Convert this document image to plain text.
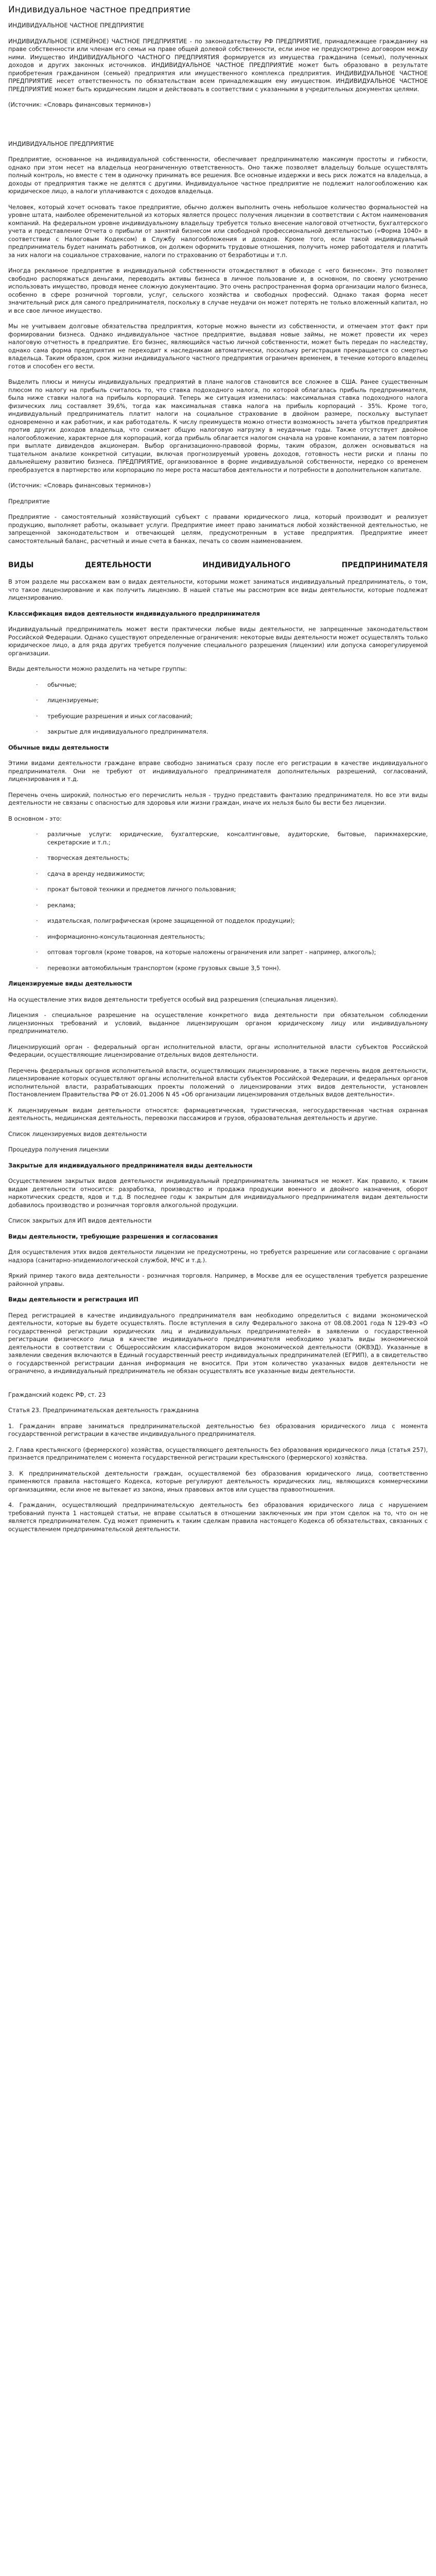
Индивидуальное частное предприятие

ИНДИВИДУАЛЬНОЕ ЧАСТНОЕ ПРЕДПРИЯТИЕ

ИНДИВИДУАЛЬНОЕ (СЕМЕЙНОЕ) ЧАСТНОЕ ПРЕДПРИЯТИЕ - по законодательству РФ ПРЕДПРИЯТИЕ, принадлежащее гражданину на праве собственности или членам его семьи на праве общей долевой собственности, если иное не предусмотрено договором между ними. Имущество ИНДИВИДУАЛЬНОГО ЧАСТНОГО ПРЕДПРИЯТИЯ формируется из имущества гражданина (семьи), полученных доходов и других законных источников. ИНДИВИДУАЛЬНОЕ ЧАСТНОЕ ПРЕДПРИЯТИЕ может быть образовано в результате приобретения гражданином (семьей) предприятия или имущественного комплекса предприятия. ИНДИВИДУАЛЬНОЕ ЧАСТНОЕ ПРЕДПРИЯТИЕ несет ответственность по обязательствам всем принадлежащим ему имуществом. ИНДИВИДУАЛЬНОЕ ЧАСТНОЕ ПРЕДПРИЯТИЕ может быть юридическим лицом и действовать в соответствии с указанными в учредительных документах целями.

(Источник: «Словарь финансовых терминов»)

ИНДИВИДУАЛЬНОЕ ПРЕДПРИЯТИЕ

Предприятие, основанное на индивидуальной собственности, обеспечивает предпринимателю максимум простоты и гибкости, однако при этом несет на владельца неограниченную ответственность. Оно также позволяет владельцу больше осуществлять полный контроль, но вместе с тем в одиночку принимать все решения. Все основные издержки и весь риск ложатся на владельца, а доходы от предприятия также не делятся с другими. Индивидуальное частное предприятие не подлежит налогообложению как юридическое лицо, а налоги уплачиваются с доходов владельца.

Человек, который хочет основать такое предприятие, обычно должен выполнить очень небольшое количество формальностей на уровне штата, наиболее обременительной из которых является процесс получения лицензии в соответствии с Актом наименования компаний. На федеральном уровне индивидуальному владельцу требуется только внесение налоговой отчетности, бухгалтерского учета и представление Отчета о прибыли от занятий бизнесом или свободной профессиональной деятельностью («Форма 1040» в соответствии с Налоговым Кодексом) в Службу налогообложения и доходов. Кроме того, если такой индивидуальный предприниматель будет нанимать работников, он должен оформить трудовые отношения, получить номер работодателя и платить за них налоги на социальное страхование, налоги по страхованию от безработицы и т.п.

Иногда рекламное предприятие в индивидуальной собственности отождествляют в обиходе с «его бизнесом». Это позволяет свободно распоряжаться деньгами, переводить активы бизнеса в личное пользование и, в основном, по своему усмотрению использовать имущество, проводя менее сложную документацию. Это очень распространенная форма организации малого бизнеса, особенно в сфере розничной торговли, услуг, сельского хозяйства и свободных профессий. Однако такая форма несет значительный риск для самого предпринимателя, поскольку в случае неудачи он может потерять не только вложенный капитал, но и все свое личное имущество.

Мы не учитываем долговые обязательства предприятия, которые можно вынести из собственности, и отмечаем этот факт при формировании бизнеса. Однако индивидуальное частное предприятие, выдавая новые займы, не может провести их через налоговую отчетность в предприятие. Его бизнес, являющийся частью личной собственности, может быть передан по наследству, однако сама форма предприятия не переходит к наследникам автоматически, поскольку регистрация прекращается со смертью владельца. Таким образом, срок жизни индивидуального частного предприятия ограничен временем, в течение которого владелец готов и способен его вести.

Выделить плюсы и минусы индивидуальных предприятий в плане налогов становится все сложнее в США. Ранее существенным плюсом по налогу на прибыль считалось то, что ставка подоходного налога, по которой облагалась прибыль предпринимателя, была ниже ставки налога на прибыль корпораций. Теперь же ситуация изменилась: максимальная ставка подоходного налога физических лиц составляет 39,6%, тогда как максимальная ставка налога на прибыль корпораций - 35%. Кроме того, индивидуальный предприниматель платит налоги на социальное страхование в двойном размере, поскольку выступает одновременно и как работник, и как работодатель. К числу преимуществ можно отнести возможность зачета убытков предприятия против других доходов владельца, что снижает общую налоговую нагрузку в неудачные годы. Также отсутствует двойное налогообложение, характерное для корпораций, когда прибыль облагается налогом сначала на уровне компании, а затем повторно при выплате дивидендов акционерам. Выбор организационно-правовой формы, таким образом, должен основываться на тщательном анализе конкретной ситуации, включая прогнозируемый уровень доходов, готовность нести риски и планы по дальнейшему развитию бизнеса. ПРЕДПРИЯТИЕ, организованное в форме индивидуальной собственности, нередко со временем преобразуется в партнерство или корпорацию по мере роста масштабов деятельности и потребности в дополнительном капитале.

(Источник: «Словарь финансовых терминов»)

Предприятие

Предприятие - самостоятельный хозяйствующий субъект с правами юридического лица, который производит и реализует продукцию, выполняет работы, оказывает услуги. Предприятие имеет право заниматься любой хозяйственной деятельностью, не запрещенной законодательством и отвечающей целям, предусмотренным в уставе предприятия. Предприятие имеет самостоятельный баланс, расчетный и иные счета в банках, печать со своим наименованием.

ВИДЫ ДЕЯТЕЛЬНОСТИ ИНДИВИДУАЛЬНОГО ПРЕДПРИНИМАТЕЛЯ

В этом разделе мы расскажем вам о видах деятельности, которыми может заниматься индивидуальный предприниматель, о том, что такое лицензирование и как получить лицензию. В нашей статье мы рассмотрим все виды деятельности, которые подлежат лицензированию.

Классификация видов деятельности индивидуального предпринимателя

Индивидуальный предприниматель может вести практически любые виды деятельности, не запрещенные законодательством Российской Федерации. Однако существуют определенные ограничения: некоторые виды деятельности может осуществлять только юридическое лицо, а для ряда других требуется получение специального разрешения (лицензии) или допуска саморегулируемой организации.

Виды деятельности можно разделить на четыре группы:

· обычные;

· лицензируемые;

· требующие разрешения и иных согласований;

· закрытые для индивидуального предпринимателя.

Обычные виды деятельности

Этими видами деятельности граждане вправе свободно заниматься сразу после его регистрации в качестве индивидуального предпринимателя. Они не требуют от индивидуального предпринимателя дополнительных разрешений, согласований, лицензирования и т.д.

Перечень очень широкий, полностью его перечислить нельзя - трудно представить фантазию предпринимателя. Но все эти виды деятельности не связаны с опасностью для здоровья или жизни граждан, иначе их нельзя было бы вести без лицензии.

В основном - это:

· различные услуги: юридические, бухгалтерские, консалтинговые, аудиторские, бытовые, парикмахерские, секретарские и т.п.;

· творческая деятельность;

· сдача в аренду недвижимости;

· прокат бытовой техники и предметов личного пользования;

· реклама;

· издательская, полиграфическая (кроме защищенной от подделок продукции);

· информационно-консультационная деятельность;

· оптовая торговля (кроме товаров, на которые наложены ограничения или запрет - например, алкоголь);

· перевозки автомобильным транспортом (кроме грузовых свыше 3,5 тонн).

Лицензируемые виды деятельности

На осуществление этих видов деятельности требуется особый вид разрешения (специальная лицензия).

Лицензия - специальное разрешение на осуществление конкретного вида деятельности при обязательном соблюдении лицензионных требований и условий, выданное лицензирующим органом юридическому лицу или индивидуальному предпринимателю.

Лицензирующий орган - федеральный орган исполнительной власти, органы исполнительной власти субъектов Российской Федерации, осуществляющие лицензирование отдельных видов деятельности.

Перечень федеральных органов исполнительной власти, осуществляющих лицензирование, а также перечень видов деятельности, лицензирование которых осуществляют органы исполнительной власти субъектов Российской Федерации, и федеральных органов исполнительной власти, разрабатывающих проекты положений о лицензировании этих видов деятельности, установлен Постановлением Правительства РФ от 26.01.2006 N 45 «Об организации лицензирования отдельных видов деятельности».

К лицензируемым видам деятельности относятся: фармацевтическая, туристическая, негосударственная частная охранная деятельность, медицинская деятельность, перевозки пассажиров и грузов, образовательная деятельность и другие.

Список лицензируемых видов деятельности

Процедура получения лицензии

Закрытые для индивидуального предпринимателя виды деятельности

Осуществлением закрытых видов деятельности индивидуальный предприниматель заниматься не может. Как правило, к таким видам деятельности относится: разработка, производство и продажа продукции военного и двойного назначения, оборот наркотических средств, ядов и т.д. В последнее годы к закрытым для индивидуального предпринимателя видам деятельности добавилось производство и розничная торговля алкогольной продукции.

Список закрытых для ИП видов деятельности

Виды деятельности, требующие разрешения и согласования

Для осуществления этих видов деятельности лицензии не предусмотрены, но требуется разрешение или согласование с органами надзора (санитарно-эпидемиологической службой, МЧС и т.д.).

Яркий пример такого вида деятельности - розничная торговля. Например, в Москве для ее осуществления требуется разрешение районной управы.

Виды деятельности и регистрация ИП

Перед регистрацией в качестве индивидуального предпринимателя вам необходимо определиться с видами экономической деятельности, которые вы будете осуществлять. После вступления в силу Федерального закона от 08.08.2001 года N 129-ФЗ «О государственной регистрации юридических лиц и индивидуальных предпринимателей» в заявлении о государственной регистрации физического лица в качестве индивидуального предпринимателя необходимо указать виды экономической деятельности в соответствии с Общероссийским классификатором видов экономической деятельности (ОКВЭД). Указанные в заявлении сведения включаются в Единый государственный реестр индивидуальных предпринимателей (ЕГРИП), а в свидетельство о государственной регистрации данная информация не вносится. При этом количество указанных видов деятельности не ограничено, а индивидуальный предприниматель не обязан осуществлять все указанные виды деятельности.

Гражданский кодекс РФ, ст. 23

Статья 23. Предпринимательская деятельность гражданина

1. Гражданин вправе заниматься предпринимательской деятельностью без образования юридического лица с момента государственной регистрации в качестве индивидуального предпринимателя.

2. Глава крестьянского (фермерского) хозяйства, осуществляющего деятельность без образования юридического лица (статья 257), признается предпринимателем с момента государственной регистрации крестьянского (фермерского) хозяйства.

3. К предпринимательской деятельности граждан, осуществляемой без образования юридического лица, соответственно применяются правила настоящего Кодекса, которые регулируют деятельность юридических лиц, являющихся коммерческими организациями, если иное не вытекает из закона, иных правовых актов или существа правоотношения.

4. Гражданин, осуществляющий предпринимательскую деятельность без образования юридического лица с нарушением требований пункта 1 настоящей статьи, не вправе ссылаться в отношении заключенных им при этом сделок на то, что он не является предпринимателем. Суд может применить к таким сделкам правила настоящего Кодекса об обязательствах, связанных с осуществлением предпринимательской деятельности.
